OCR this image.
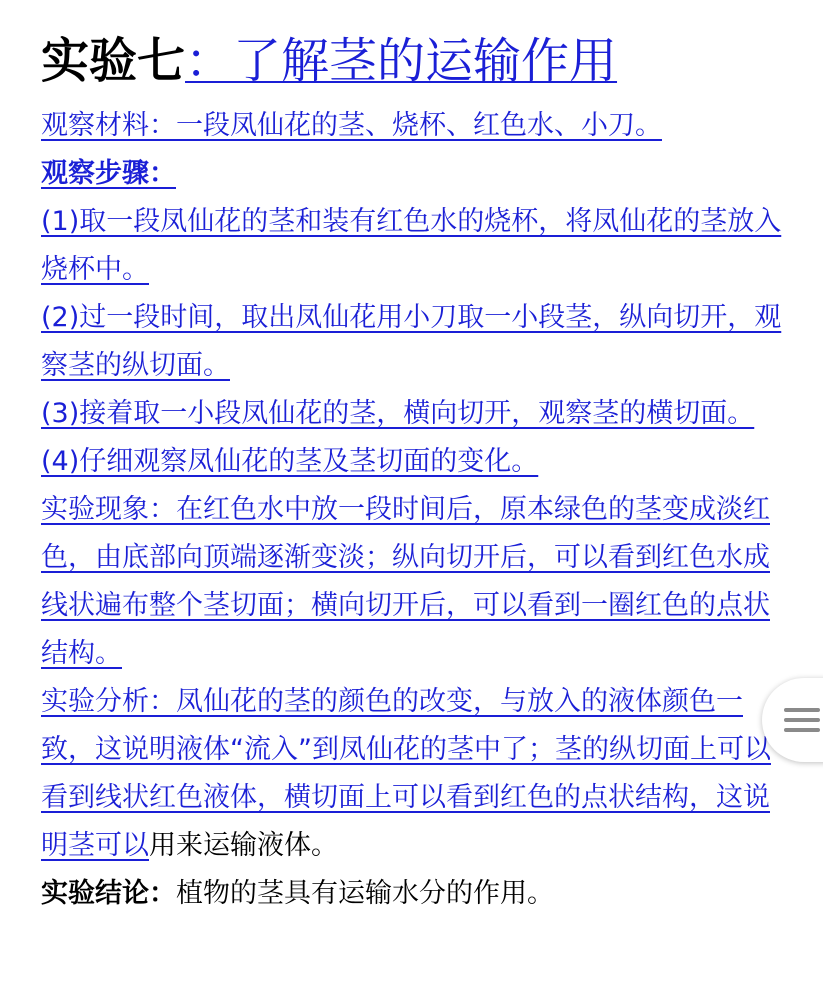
实验七：了解茎的运输作用

观察材料：一段凤仙花的茎、烧杯、红色水、小刀。

观察步骤：

(1)取一段凤仙花的茎和装有红色水的烧杯，将凤仙花的茎放入烧杯中。

(2)过一段时间，取出凤仙花用小刀取一小段茎，纵向切开，观察茎的纵切面。

(3)接着取一小段凤仙花的茎，横向切开，观察茎的横切面。

(4)仔细观察凤仙花的茎及茎切面的变化。

实验现象：在红色水中放一段时间后，原本绿色的茎变成淡红色，由底部向顶端逐渐变淡；纵向切开后，可以看到红色水成线状遍布整个茎切面；横向切开后，可以看到一圈红色的点状结构。

实验分析：凤仙花的茎的颜色的改变，与放入的液体颜色一致，这说明液体“流入”到凤仙花的茎中了；茎的纵切面上可以看到线状红色液体，横切面上可以看到红色的点状结构，这说明茎可以用来运输液体。

实验结论：植物的茎具有运输水分的作用。
